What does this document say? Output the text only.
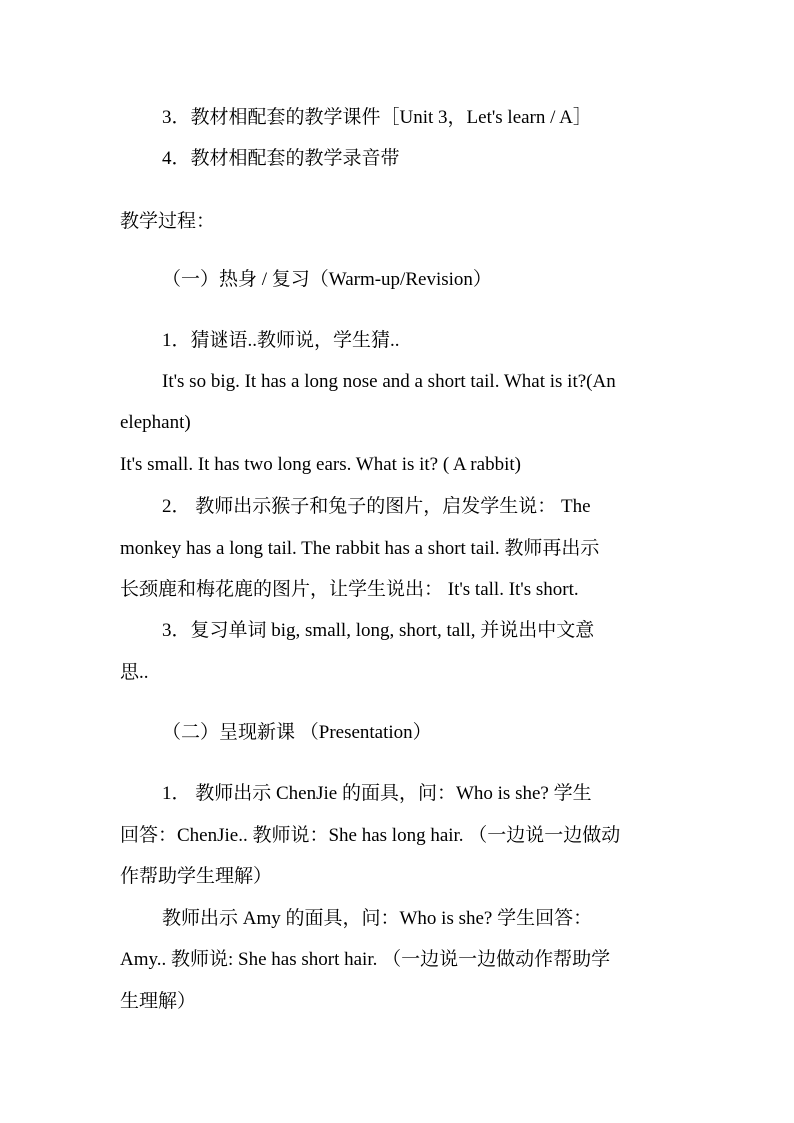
3．教材相配套的教学课件［Unit 3，Let's learn / A］
4．教材相配套的教学录音带
教学过程：
（一）热身 / 复习（Warm-up/Revision）
1．猜谜语..教师说，学生猜..
It's so big. It has a long nose and a short tail. What is it?(An
elephant)
It's small. It has two long ears. What is it? ( A rabbit)
2． 教师出示猴子和兔子的图片，启发学生说： The
monkey has a long tail. The rabbit has a short tail. 教师再出示
长颈鹿和梅花鹿的图片，让学生说出： It's tall. It's short.
3．复习单词 big, small, long, short, tall, 并说出中文意
思..
（二）呈现新课 （Presentation）
1． 教师出示 ChenJie 的面具，问：Who is she? 学生
回答：ChenJie.. 教师说：She has long hair. （一边说一边做动
作帮助学生理解）
教师出示 Amy 的面具，问：Who is she? 学生回答：
Amy.. 教师说: She has short hair. （一边说一边做动作帮助学
生理解）
